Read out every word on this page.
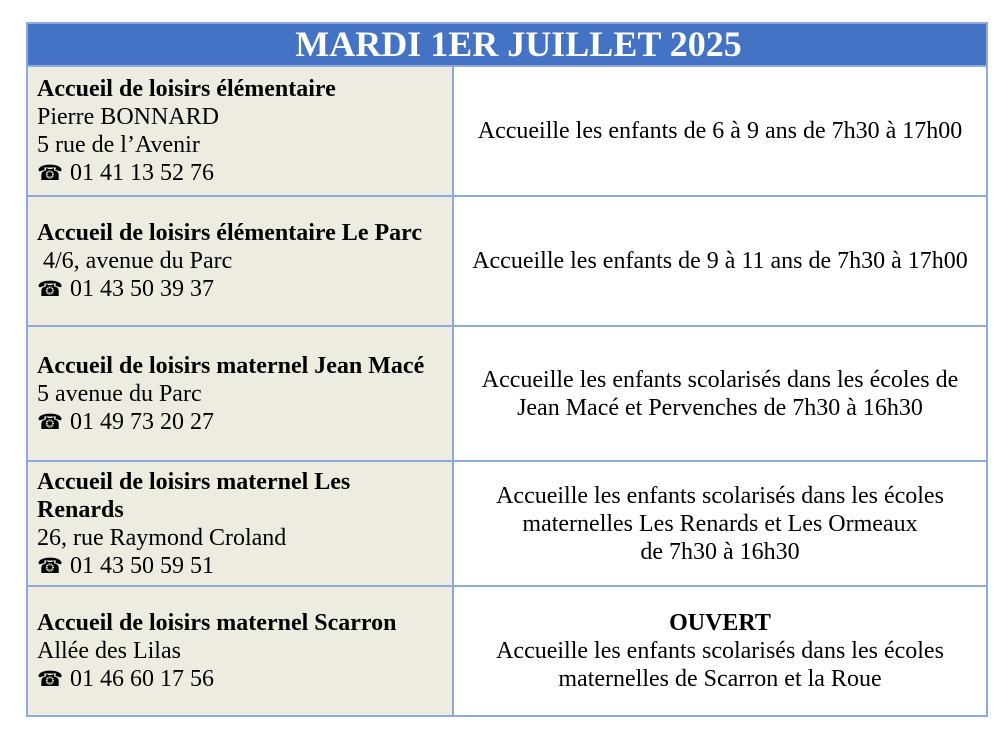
MARDI 1ER JUILLET 2025
Accueil de loisirs élémentaire
Pierre BONNARD
5 rue de l’Avenir
☎ 01 41 13 52 76
Accueille les enfants de 6 à 9 ans de 7h30 à 17h00
Accueil de loisirs élémentaire Le Parc
4/6, avenue du Parc
☎ 01 43 50 39 37
Accueille les enfants de 9 à 11 ans de 7h30 à 17h00
Accueil de loisirs maternel Jean Macé
5 avenue du Parc
☎ 01 49 73 20 27
Accueille les enfants scolarisés dans les écoles de
Jean Macé et Pervenches de 7h30 à 16h30
Accueil de loisirs maternel Les
Renards
26, rue Raymond Croland
☎ 01 43 50 59 51
Accueille les enfants scolarisés dans les écoles
maternelles Les Renards et Les Ormeaux
de 7h30 à 16h30
Accueil de loisirs maternel Scarron
Allée des Lilas
☎ 01 46 60 17 56
OUVERT
Accueille les enfants scolarisés dans les écoles
maternelles de Scarron et la Roue
